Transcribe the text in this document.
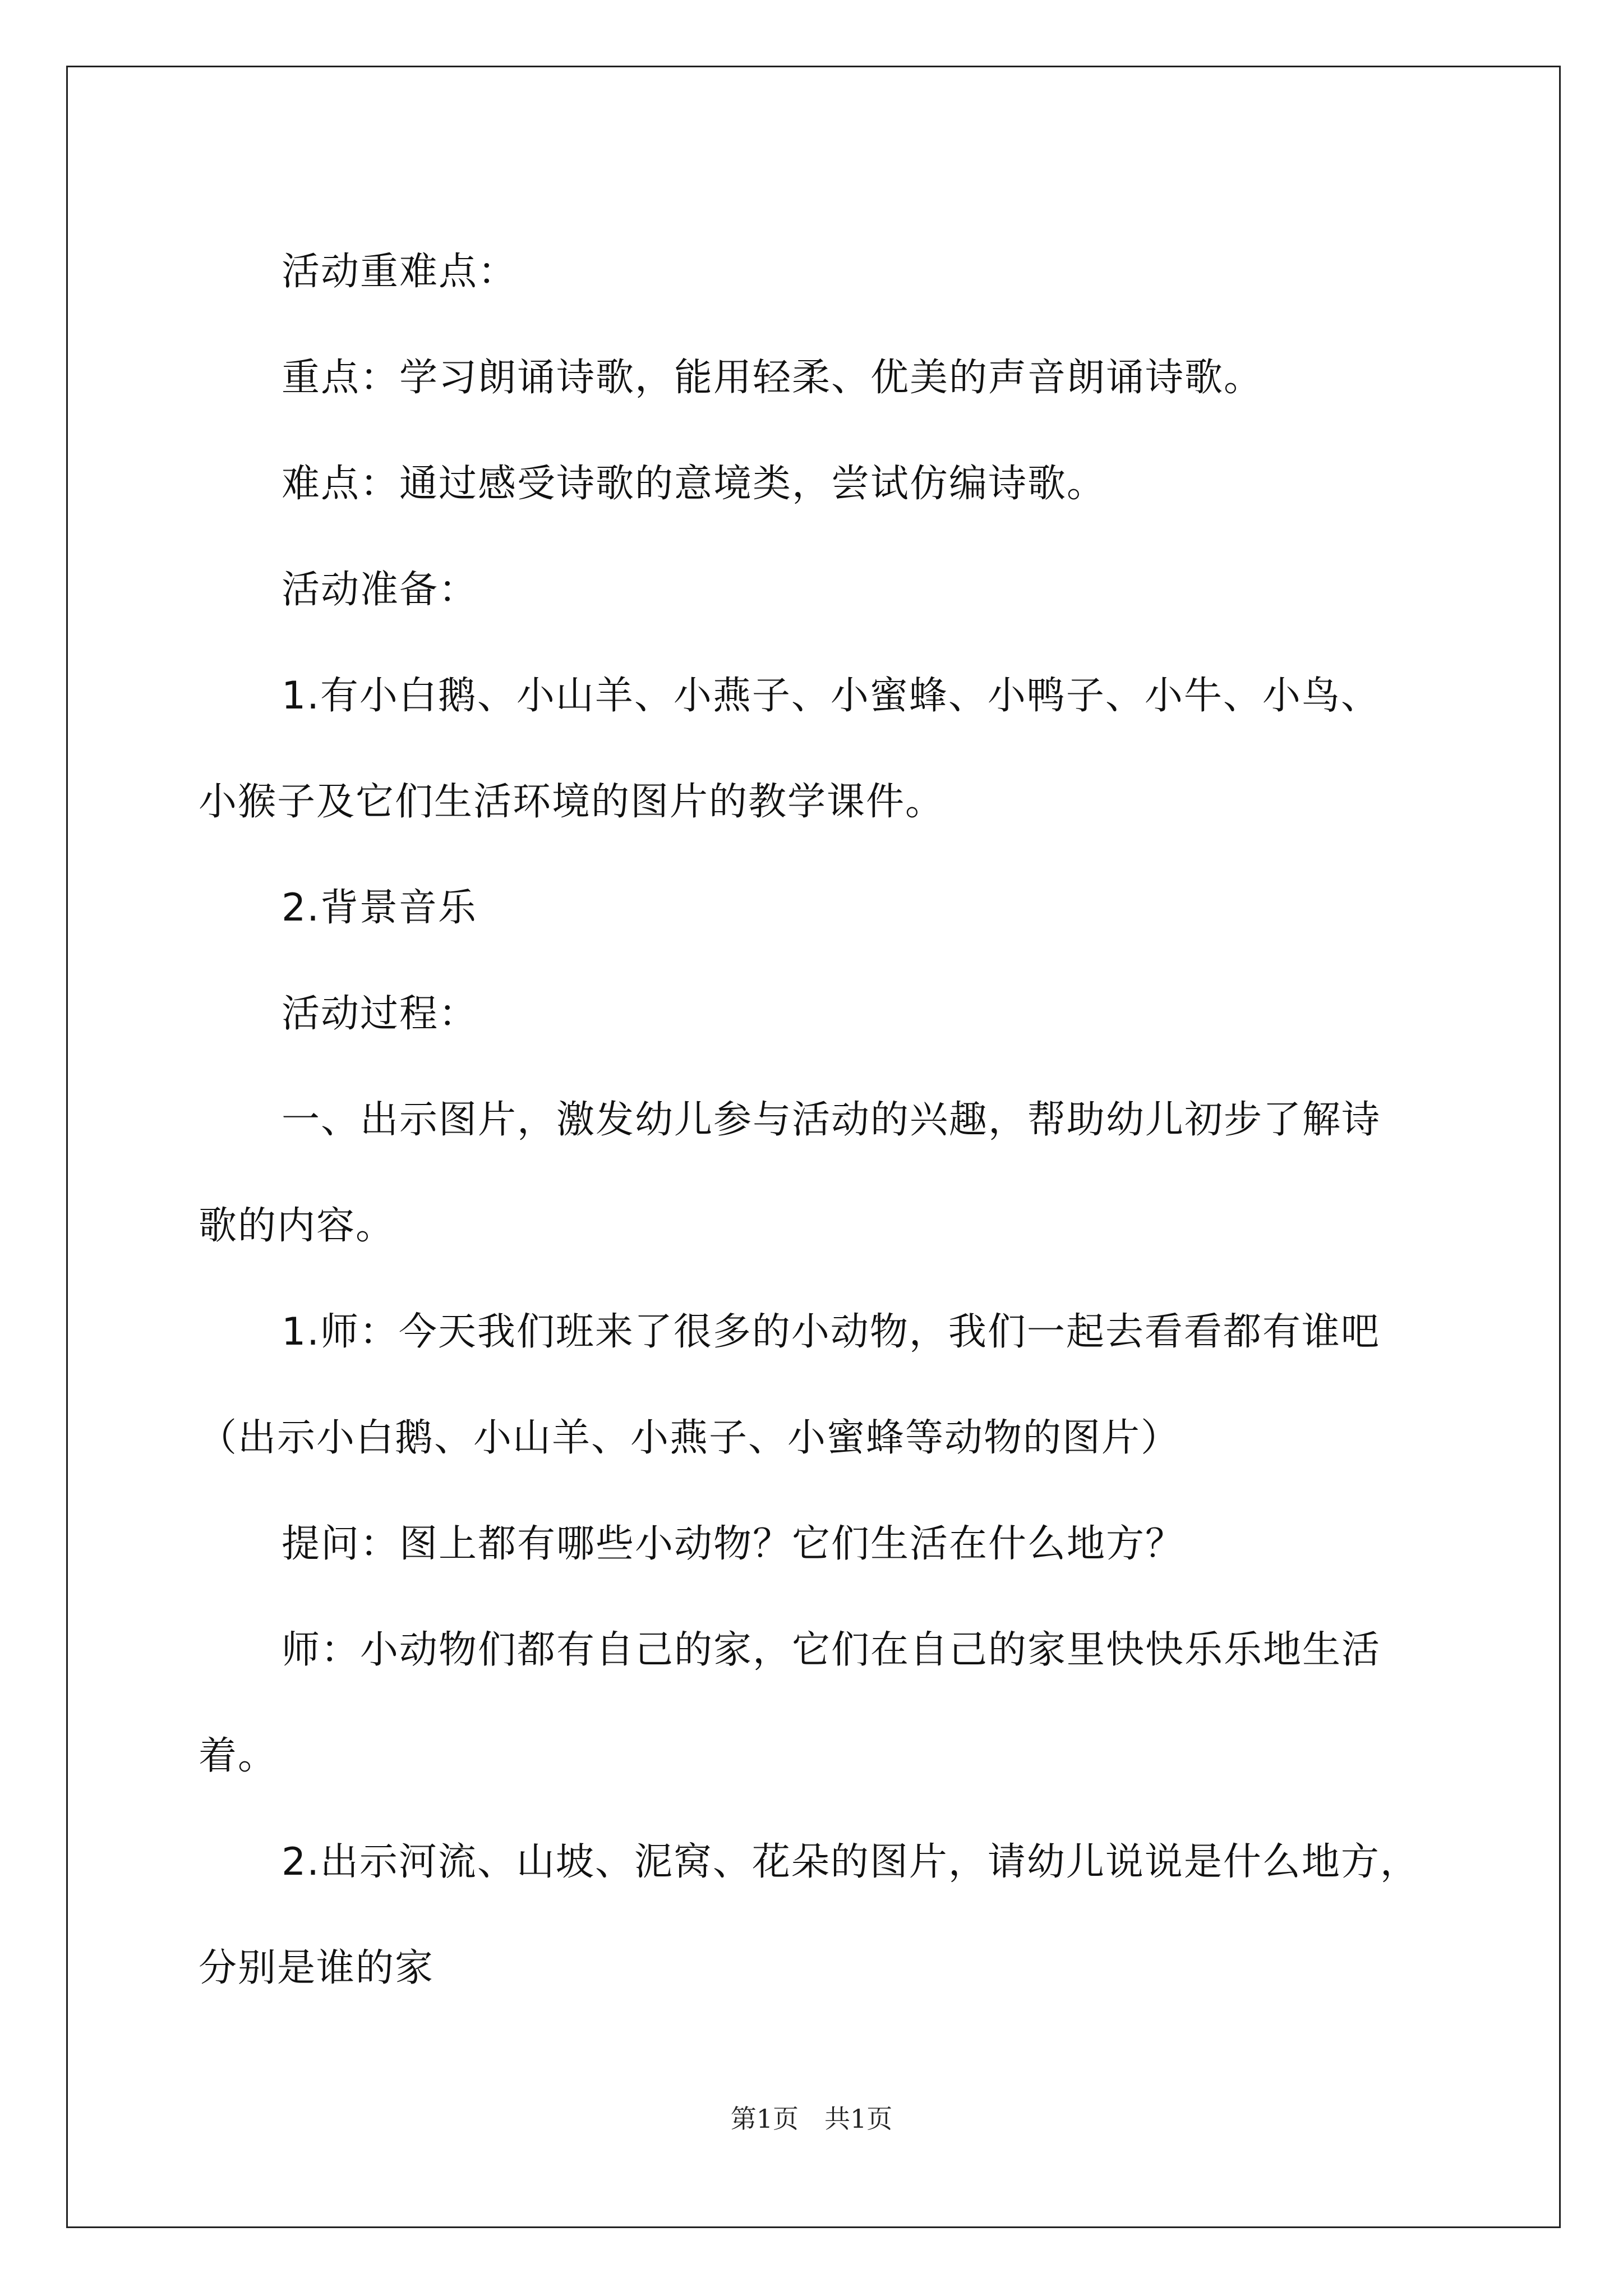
活动重难点：

重点：学习朗诵诗歌，能用轻柔、优美的声音朗诵诗歌。

难点：通过感受诗歌的意境类，尝试仿编诗歌。

活动准备：

1.有小白鹅、小山羊、小燕子、小蜜蜂、小鸭子、小牛、小鸟、

小猴子及它们生活环境的图片的教学课件。

2.背景音乐

活动过程：

一、出示图片，激发幼儿参与活动的兴趣，帮助幼儿初步了解诗

歌的内容。

1.师：今天我们班来了很多的小动物，我们一起去看看都有谁吧

（出示小白鹅、小山羊、小燕子、小蜜蜂等动物的图片）

提问：图上都有哪些小动物？它们生活在什么地方？

师：小动物们都有自己的家，它们在自己的家里快快乐乐地生活

着。

2.出示河流、山坡、泥窝、花朵的图片，请幼儿说说是什么地方，

分别是谁的家

第1页　共1页
